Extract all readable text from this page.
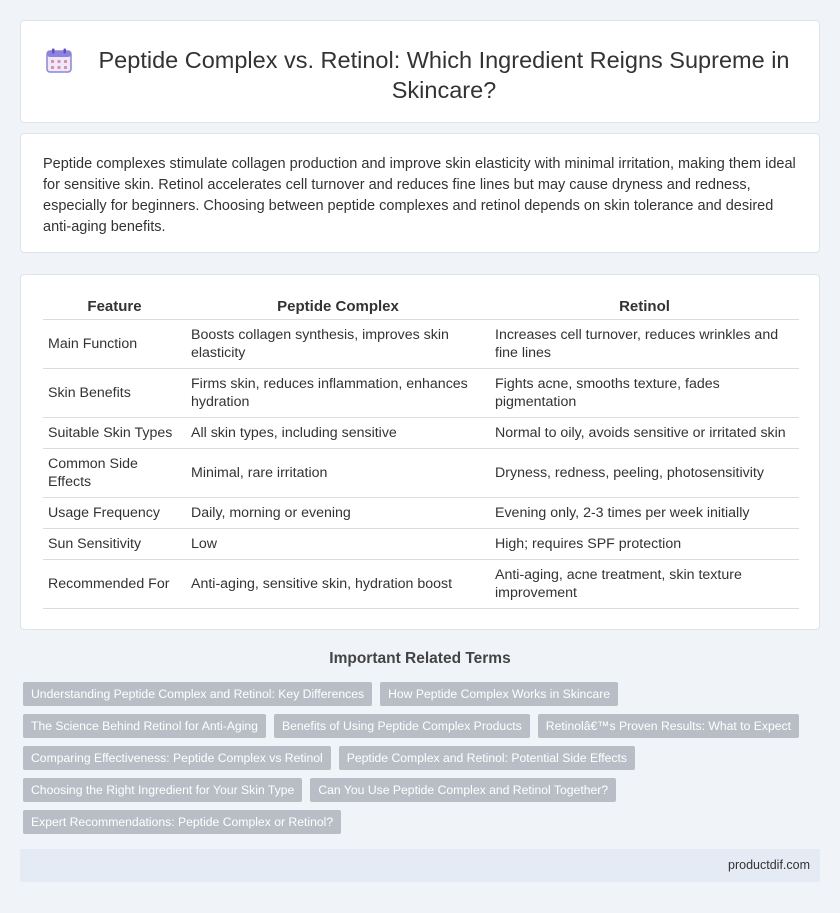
Peptide Complex vs. Retinol: Which Ingredient Reigns Supreme in Skincare?

Peptide complexes stimulate collagen production and improve skin elasticity with minimal irritation, making them ideal for sensitive skin. Retinol accelerates cell turnover and reduces fine lines but may cause dryness and redness, especially for beginners. Choosing between peptide complexes and retinol depends on skin tolerance and desired anti-aging benefits.

Feature	Peptide Complex	Retinol
Main Function	Boosts collagen synthesis, improves skin elasticity	Increases cell turnover, reduces wrinkles and fine lines
Skin Benefits	Firms skin, reduces inflammation, enhances hydration	Fights acne, smooths texture, fades pigmentation
Suitable Skin Types	All skin types, including sensitive	Normal to oily, avoids sensitive or irritated skin
Common Side Effects	Minimal, rare irritation	Dryness, redness, peeling, photosensitivity
Usage Frequency	Daily, morning or evening	Evening only, 2-3 times per week initially
Sun Sensitivity	Low	High; requires SPF protection
Recommended For	Anti-aging, sensitive skin, hydration boost	Anti-aging, acne treatment, skin texture improvement
Important Related Terms
Understanding Peptide Complex and Retinol: Key Differences	How Peptide Complex Works in Skincare
The Science Behind Retinol for Anti-Aging	Benefits of Using Peptide Complex Products	Retinolâ€™s Proven Results: What to Expect
Comparing Effectiveness: Peptide Complex vs Retinol	Peptide Complex and Retinol: Potential Side Effects
Choosing the Right Ingredient for Your Skin Type	Can You Use Peptide Complex and Retinol Together?
Expert Recommendations: Peptide Complex or Retinol?
productdif.com
